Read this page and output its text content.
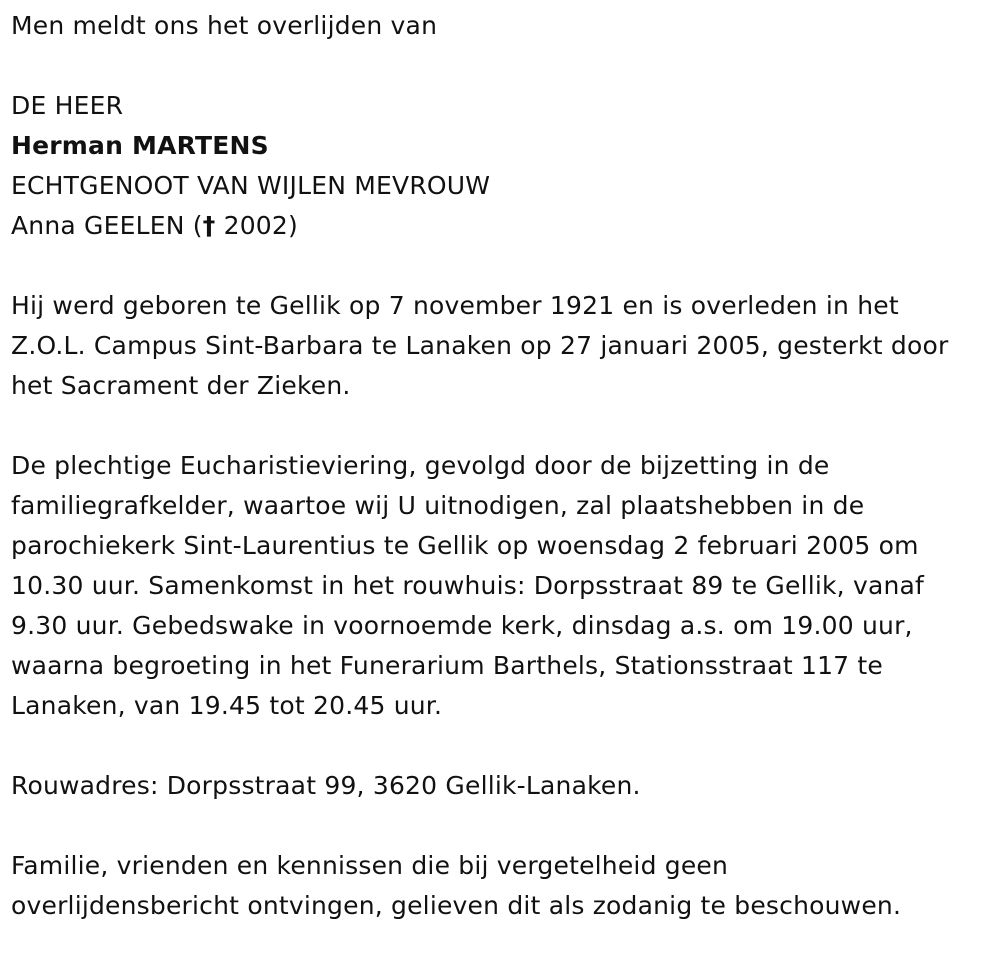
Men meldt ons het overlijden van
DE HEER
Herman MARTENS
ECHTGENOOT VAN WIJLEN MEVROUW
Anna GEELEN († 2002)
Hij werd geboren te Gellik op 7 november 1921 en is overleden in het
Z.O.L. Campus Sint-Barbara te Lanaken op 27 januari 2005, gesterkt door
het Sacrament der Zieken.
De plechtige Eucharistieviering, gevolgd door de bijzetting in de
familiegrafkelder, waartoe wij U uitnodigen, zal plaatshebben in de
parochiekerk Sint-Laurentius te Gellik op woensdag 2 februari 2005 om
10.30 uur. Samenkomst in het rouwhuis: Dorpsstraat 89 te Gellik, vanaf
9.30 uur. Gebedswake in voornoemde kerk, dinsdag a.s. om 19.00 uur,
waarna begroeting in het Funerarium Barthels, Stationsstraat 117 te
Lanaken, van 19.45 tot 20.45 uur.
Rouwadres: Dorpsstraat 99, 3620 Gellik-Lanaken.
Familie, vrienden en kennissen die bij vergetelheid geen
overlijdensbericht ontvingen, gelieven dit als zodanig te beschouwen.
